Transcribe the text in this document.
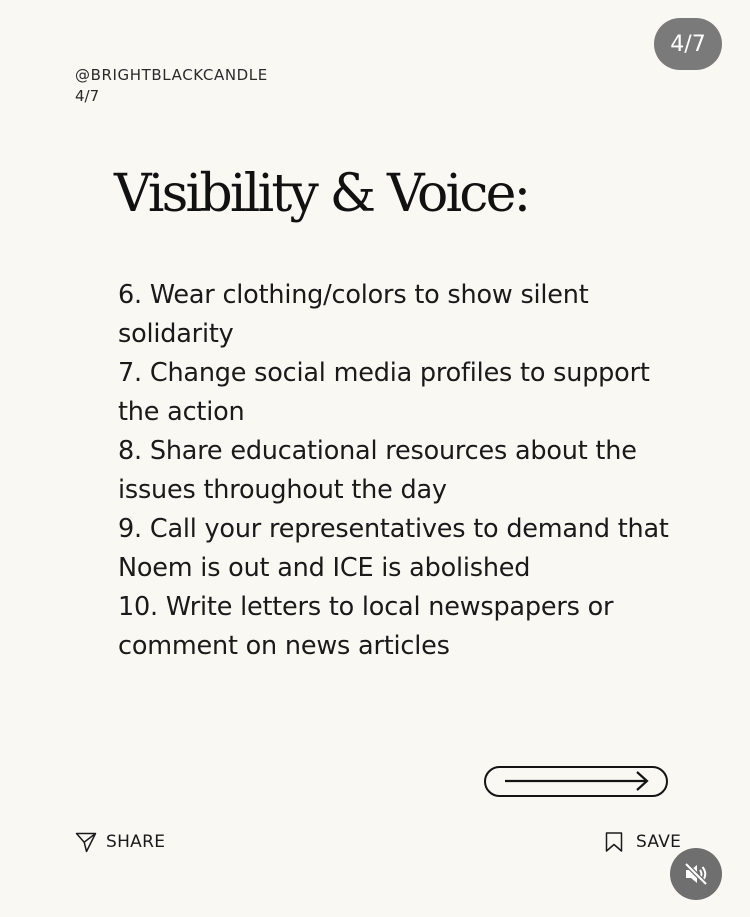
4/7
@BRIGHTBLACKCANDLE
4/7
Visibility & Voice:
6. Wear clothing/colors to show silent solidarity
7. Change social media profiles to support the action
8. Share educational resources about the issues throughout the day
9. Call your representatives to demand that Noem is out and ICE is abolished
10. Write letters to local newspapers or comment on news articles
SHARE	SAVE
